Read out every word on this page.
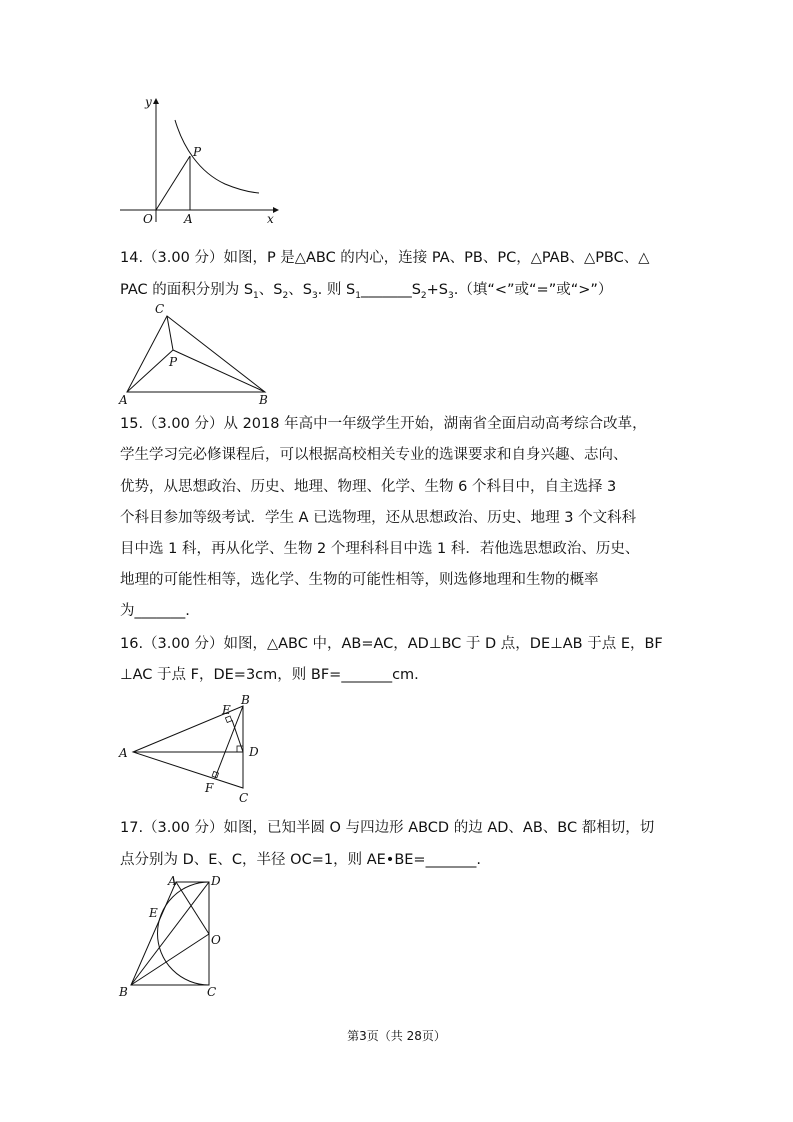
y
x
O	A
P
14.（3.00 分）如图，P 是△ABC 的内心，连接 PA、PB、PC，△PAB、△PBC、△
PAC 的面积分别为 $S_1$、$S_2$、$S_3$. 则 $S_1\_\_\_\_\_\_\_S_2+S_3$.（填“<”或“=”或“>”）
C
P
A	B
15.（3.00 分）从 2018 年高中一年级学生开始，湖南省全面启动高考综合改革，
学生学习完必修课程后，可以根据高校相关专业的选课要求和自身兴趣、志向、
优势，从思想政治、历史、地理、物理、化学、生物 6 个科目中，自主选择 3
个科目参加等级考试．学生 A 已选物理，还从思想政治、历史、地理 3 个文科科
目中选 1 科，再从化学、生物 2 个理科科目中选 1 科．若他选思想政治、历史、
地理的可能性相等，选化学、生物的可能性相等，则选修地理和生物的概率
为_______.
16.（3.00 分）如图，△ABC 中，AB=AC，AD⊥BC 于 D 点，DE⊥AB 于点 E，BF
⊥AC 于点 F，DE=3cm，则 BF=_______cm.
A
B
E
D
F
C
17.（3.00 分）如图，已知半圆 O 与四边形 ABCD 的边 AD、AB、BC 都相切，切
点分别为 D、E、C，半径 OC=1，则 AE•BE=_______.
A	D
E
O
B	C
第3页（共 28页）
